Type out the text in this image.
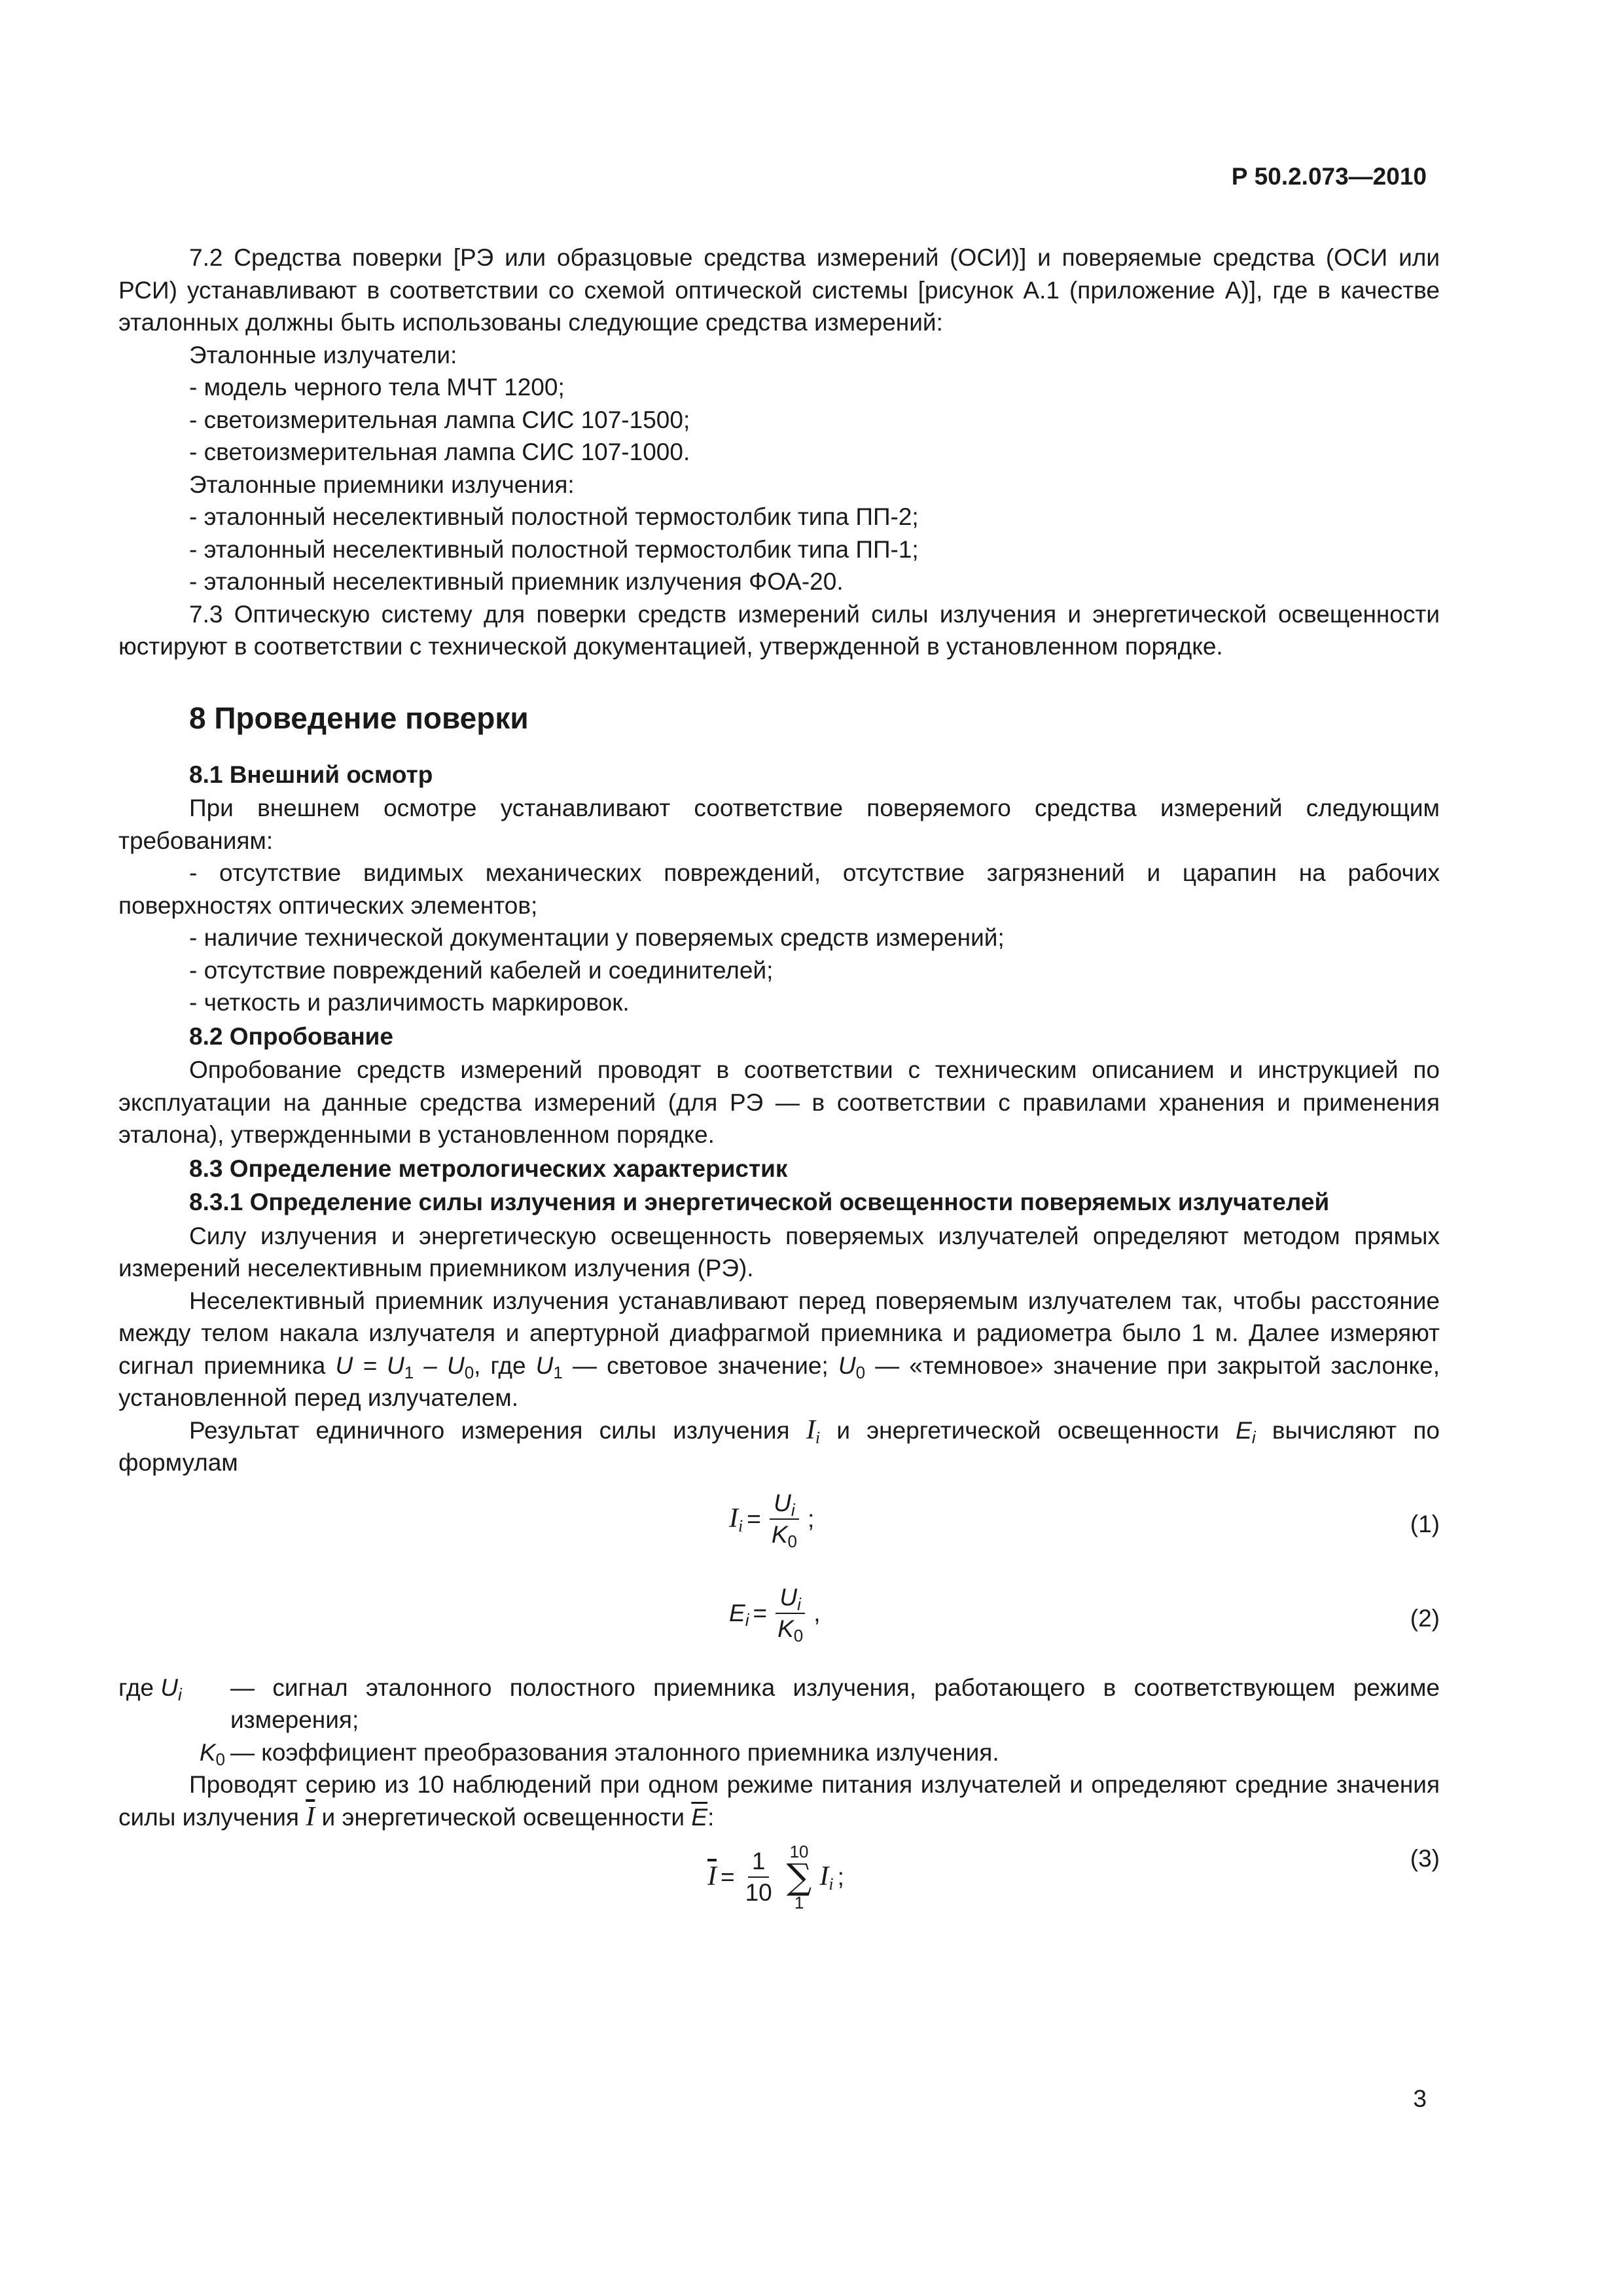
Р 50.2.073—2010

7.2 Средства поверки [РЭ или образцовые средства измерений (ОСИ)] и поверяемые средства (ОСИ или РСИ) устанавливают в соответствии со схемой оптической системы [рисунок А.1 (приложение А)], где в качестве эталонных должны быть использованы следующие средства измерений:

Эталонные излучатели:

- модель черного тела МЧТ 1200;

- светоизмерительная лампа СИС 107-1500;

- светоизмерительная лампа СИС 107-1000.

Эталонные приемники излучения:

- эталонный неселективный полостной термостолбик типа ПП-2;

- эталонный неселективный полостной термостолбик типа ПП-1;

- эталонный неселективный приемник излучения ФОА-20.

7.3 Оптическую систему для поверки средств измерений силы излучения и энергетической освещенности юстируют в соответствии с технической документацией, утвержденной в установленном порядке.

8 Проведение поверки

8.1 Внешний осмотр

При внешнем осмотре устанавливают соответствие поверяемого средства измерений следующим требованиям:

- отсутствие видимых механических повреждений, отсутствие загрязнений и царапин на рабочих поверхностях оптических элементов;

- наличие технической документации у поверяемых средств измерений;

- отсутствие повреждений кабелей и соединителей;

- четкость и различимость маркировок.

8.2 Опробование

Опробование средств измерений проводят в соответствии с техническим описанием и инструкцией по эксплуатации на данные средства измерений (для РЭ — в соответствии с правилами хранения и применения эталона), утвержденными в установленном порядке.

8.3 Определение метрологических характеристик

8.3.1 Определение силы излучения и энергетической освещенности поверяемых излучателей

Силу излучения и энергетическую освещенность поверяемых излучателей определяют методом прямых измерений неселективным приемником излучения (РЭ).

Неселективный приемник излучения устанавливают перед поверяемым излучателем так, чтобы расстояние между телом накала излучателя и апертурной диафрагмой приемника и радиометра было 1 м. Далее измеряют сигнал приемника $U = U_1 - U_0$, где $U_1$ — световое значение; $U_0$ — «темновое» значение при закрытой заслонке, установленной перед излучателем.

Результат единичного измерения силы излучения $I_i$ и энергетической освещенности $E_i$ вычисляют по формулам

$I_i = \frac{U_i}{K_0}$ ;	(1)
$E_i = \frac{U_i}{K_0}$ ,	(2)
где $U_i$	— сигнал эталонного полостного приемника излучения, работающего в соответствующем режиме измерения;
$K_0$ — коэффициент преобразования эталонного приемника излучения.

Проводят серию из 10 наблюдений при одном режиме питания излучателей и определяют средние значения силы излучения $\overline{I}$ и энергетической освещенности $\overline{E}$:

$\overline{I} = \frac{1}{10} 10$
∑
1
$I_i$ ;
(3)
3
